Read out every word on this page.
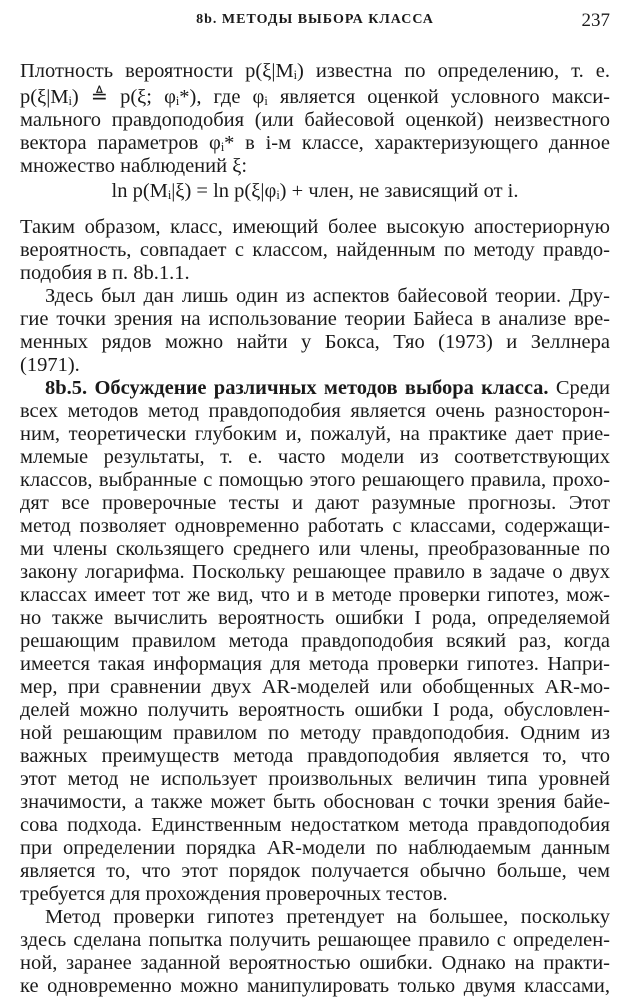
8b. МЕТОДЫ ВЫБОРА КЛАССА	237
Плотность вероятности p(ξ|Mᵢ) известна по определению, т. е.
p(ξ|Mᵢ) ≜ p(ξ; φᵢ*), где φᵢ является оценкой условного макси-
мального правдоподобия (или байесовой оценкой) неизвестного
вектора параметров φᵢ* в i-м классе, характеризующего данное
множество наблюдений ξ:
ln p(Mᵢ|ξ) = ln p(ξ|φᵢ) + член, не зависящий от i.
Таким образом, класс, имеющий более высокую апостериорную
вероятность, совпадает с классом, найденным по методу правдо-
подобия в п. 8b.1.1.
Здесь был дан лишь один из аспектов байесовой теории. Дру-
гие точки зрения на использование теории Байеса в анализе вре-
менных рядов можно найти у Бокса, Тяо (1973) и Зеллнера
(1971).
8b.5. Обсуждение различных методов выбора класса. Среди
всех методов метод правдоподобия является очень разносторон-
ним, теоретически глубоким и, пожалуй, на практике дает прие-
млемые результаты, т. е. часто модели из соответствующих
классов, выбранные с помощью этого решающего правила, прохо-
дят все проверочные тесты и дают разумные прогнозы. Этот
метод позволяет одновременно работать с классами, содержащи-
ми члены скользящего среднего или члены, преобразованные по
закону логарифма. Поскольку решающее правило в задаче о двух
классах имеет тот же вид, что и в методе проверки гипотез, мож-
но также вычислить вероятность ошибки I рода, определяемой
решающим правилом метода правдоподобия всякий раз, когда
имеется такая информация для метода проверки гипотез. Напри-
мер, при сравнении двух AR-моделей или обобщенных AR-мо-
делей можно получить вероятность ошибки I рода, обусловлен-
ной решающим правилом по методу правдоподобия. Одним из
важных преимуществ метода правдоподобия является то, что
этот метод не использует произвольных величин типа уровней
значимости, а также может быть обоснован с точки зрения байе-
сова подхода. Единственным недостатком метода правдоподобия
при определении порядка AR-модели по наблюдаемым данным
является то, что этот порядок получается обычно больше, чем
требуется для прохождения проверочных тестов.
Метод проверки гипотез претендует на большее, поскольку
здесь сделана попытка получить решающее правило с определен-
ной, заранее заданной вероятностью ошибки. Однако на практи-
ке одновременно можно манипулировать только двумя классами,
